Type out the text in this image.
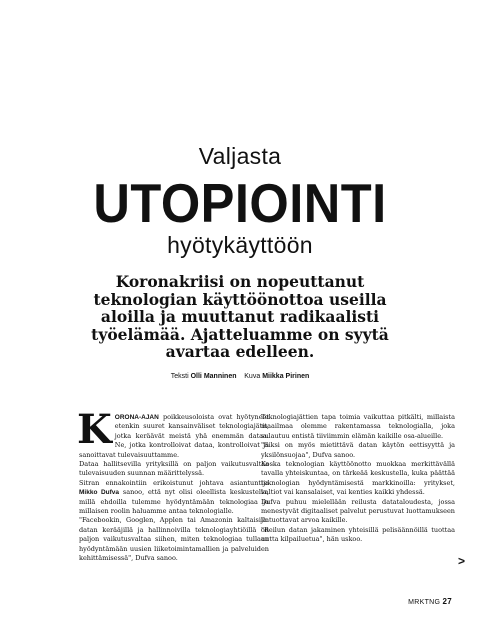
Valjasta
UTOPIOINTI
hyötykäyttöön
Koronakriisi on nopeuttanut
teknologian käyttöönottoa useilla
aloilla ja muuttanut radikaalisti
työelämää. Ajatteluamme on syytä
avartaa edelleen.
Teksti Olli Manninen Kuva Miikka Pirinen

KORONA-AJAN poikkeusoloista ovat hyötyneet etenkin suuret kansainväliset teknologiajätit, jotka keräävät meistä yhä enemmän dataa. Ne, jotka kontrolloivat dataa, kontrolloivat ja sanoittavat tulevaisuuttamme.

Dataa hallitsevilla yrityksillä on paljon vaikutusvaltaa tulevaisuuden suunnan määrittelyssä.

Sitran ennakointiin erikoistunut johtava asiantuntija Mikko Dufva sanoo, että nyt olisi oleellista keskustella, millä ehdoilla tulemme hyödyntämään teknologiaa ja millaisen roolin haluamme antaa teknologialle.

"Facebookin, Googlen, Applen tai Amazonin kaltaisilla datan kerääjillä ja hallinnoivilla teknologiayhtiöillä on paljon vaikutusvaltaa siihen, miten teknologiaa tullaan hyödyntämään uusien liiketoimintamallien ja palveluiden kehittämisessä", Dufva sanoo.

Teknologiajättien tapa toimia vaikuttaa pitkälti, millaista maailmaa olemme rakentamassa teknologialla, joka sulautuu entistä tiiviimmin elämän kaikille osa-alueille.

"Siksi on myös mietittävä datan käytön eettisyyttä ja yksilönsuojaa", Dufva sanoo.

Koska teknologian käyttöönotto muokkaa merkittävällä tavalla yhteiskuntaa, on tärkeää keskustella, kuka päättää teknologian hyödyntämisestä markkinoilla: yritykset, valtiot vai kansalaiset, vai kenties kaikki yhdessä.

Dufva puhuu mielellään reilusta datataloudesta, jossa menestyvät digitaaliset palvelut perustuvat luottamukseen ja tuottavat arvoa kaikille.

"Reilun datan jakaminen yhteisillä pelisäännöillä tuottaa uutta kilpailuetua", hän uskoo.

>
MRKTNG 27
